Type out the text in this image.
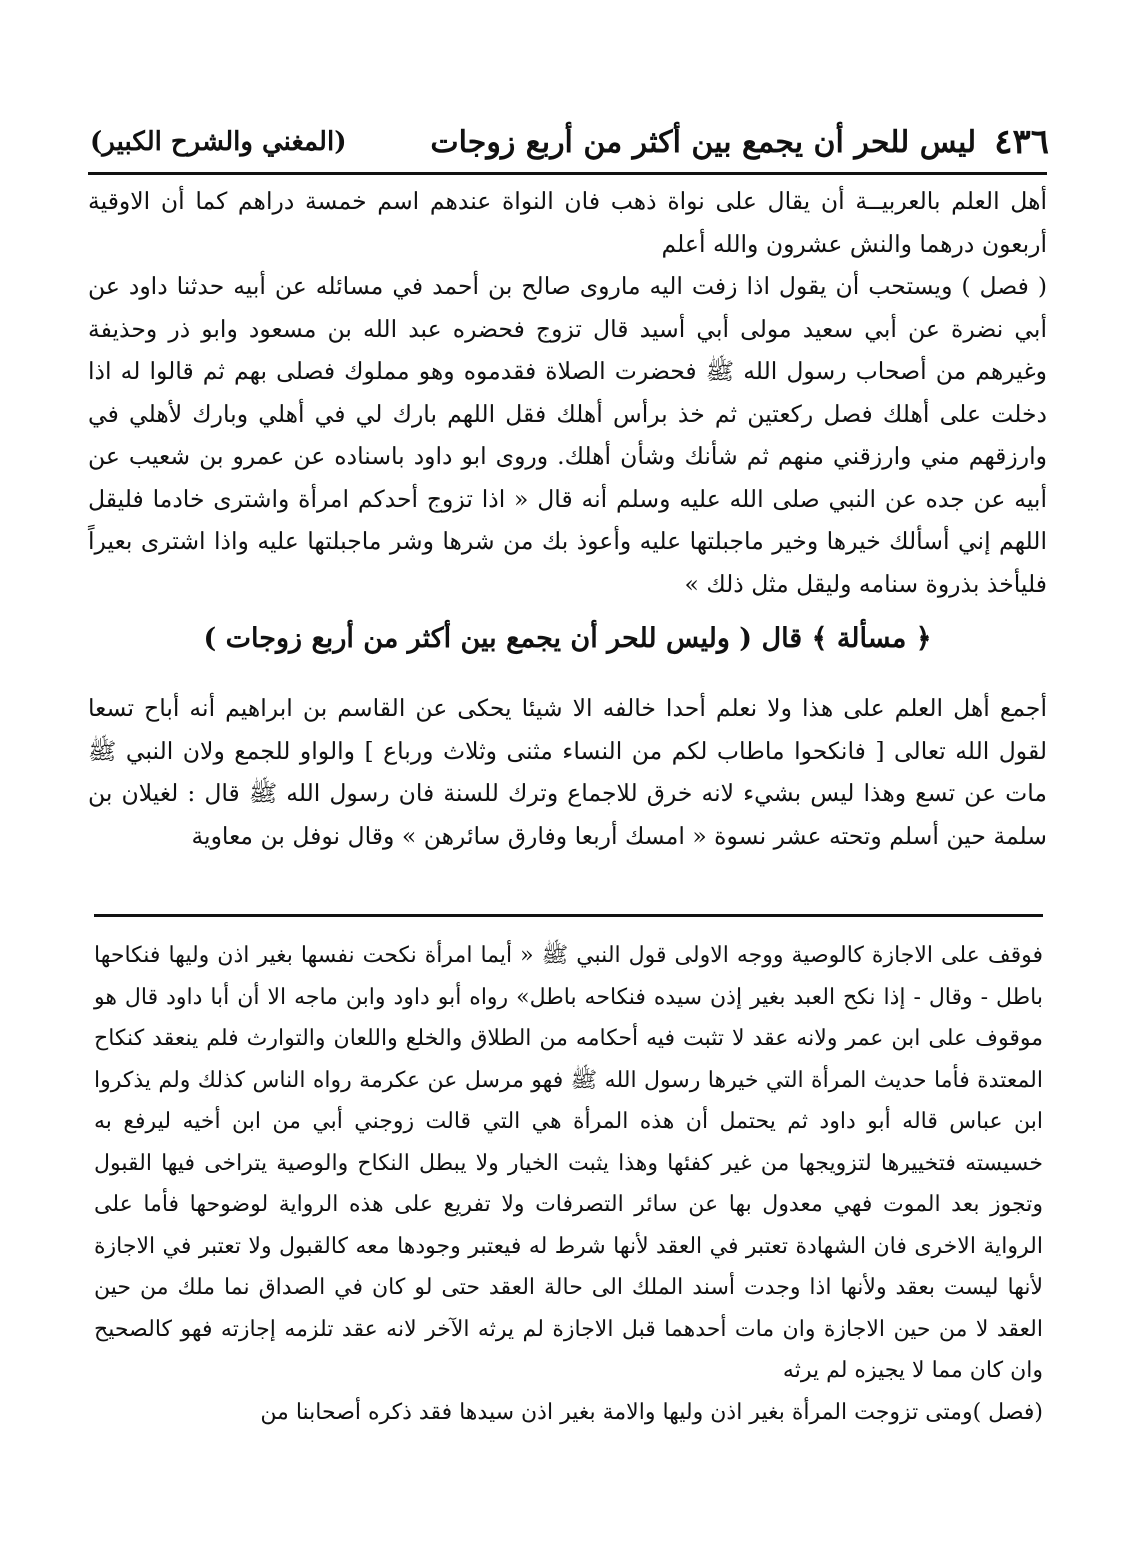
(المغني والشرح الكبير)	٤٣٦
ليس للحر أن يجمع بين أكثر من أربع زوجات

أهل العلم بالعربيــة أن يقال على نواة ذهب فان النواة عندهم اسم خمسة دراهم كما أن الاوقية أربعون درهما والنش عشرون والله أعلم

( فصل ) ويستحب أن يقول اذا زفت اليه ماروى صالح بن أحمد في مسائله عن أبيه حدثنا داود عن أبي نضرة عن أبي سعيد مولى أبي أسيد قال تزوج فحضره عبد الله بن مسعود وابو ذر وحذيفة وغيرهم من أصحاب رسول الله ﷺ فحضرت الصلاة فقدموه وهو مملوك فصلى بهم ثم قالوا له اذا دخلت على أهلك فصل ركعتين ثم خذ برأس أهلك فقل اللهم بارك لي في أهلي وبارك لأهلي في وارزقهم مني وارزقني منهم ثم شأنك وشأن أهلك. وروى ابو داود باسناده عن عمرو بن شعيب عن أبيه عن جده عن النبي صلى الله عليه وسلم أنه قال « اذا تزوج أحدكم امرأة واشترى خادما فليقل اللهم إني أسألك خيرها وخير ماجبلتها عليه وأعوذ بك من شرها وشر ماجبلتها عليه واذا اشترى بعيراً فليأخذ بذروة سنامه وليقل مثل ذلك »

﴿ مسألة ﴾ قال ( وليس للحر أن يجمع بين أكثر من أربع زوجات )

أجمع أهل العلم على هذا ولا نعلم أحدا خالفه الا شيئا يحكى عن القاسم بن ابراهيم أنه أباح تسعا لقول الله تعالى [ فانكحوا ماطاب لكم من النساء مثنى وثلاث ورباع ] والواو للجمع ولان النبي ﷺ مات عن تسع وهذا ليس بشيء لانه خرق للاجماع وترك للسنة فان رسول الله ﷺ قال : لغيلان بن سلمة حين أسلم وتحته عشر نسوة « امسك أربعا وفارق سائرهن » وقال نوفل بن معاوية

فوقف على الاجازة كالوصية ووجه الاولى قول النبي ﷺ « أيما امرأة نكحت نفسها بغير اذن وليها فنكاحها باطل - وقال - إذا نكح العبد بغير إذن سيده فنكاحه باطل» رواه أبو داود وابن ماجه الا أن أبا داود قال هو موقوف على ابن عمر ولانه عقد لا تثبت فيه أحكامه من الطلاق والخلع واللعان والتوارث فلم ينعقد كنكاح المعتدة فأما حديث المرأة التي خيرها رسول الله ﷺ فهو مرسل عن عكرمة رواه الناس كذلك ولم يذكروا ابن عباس قاله أبو داود ثم يحتمل أن هذه المرأة هي التي قالت زوجني أبي من ابن أخيه ليرفع به خسيسته فتخييرها لتزويجها من غير كفئها وهذا يثبت الخيار ولا يبطل النكاح والوصية يتراخى فيها القبول وتجوز بعد الموت فهي معدول بها عن سائر التصرفات ولا تفريع على هذه الرواية لوضوحها فأما على الرواية الاخرى فان الشهادة تعتبر في العقد لأنها شرط له فيعتبر وجودها معه كالقبول ولا تعتبر في الاجازة لأنها ليست بعقد ولأنها اذا وجدت أسند الملك الى حالة العقد حتى لو كان في الصداق نما ملك من حين العقد لا من حين الاجازة وان مات أحدهما قبل الاجازة لم يرثه الآخر لانه عقد تلزمه إجازته فهو كالصحيح وان كان مما لا يجيزه لم يرثه

(فصل )ومتى تزوجت المرأة بغير اذن وليها والامة بغير اذن سيدها فقد ذكره أصحابنا من
